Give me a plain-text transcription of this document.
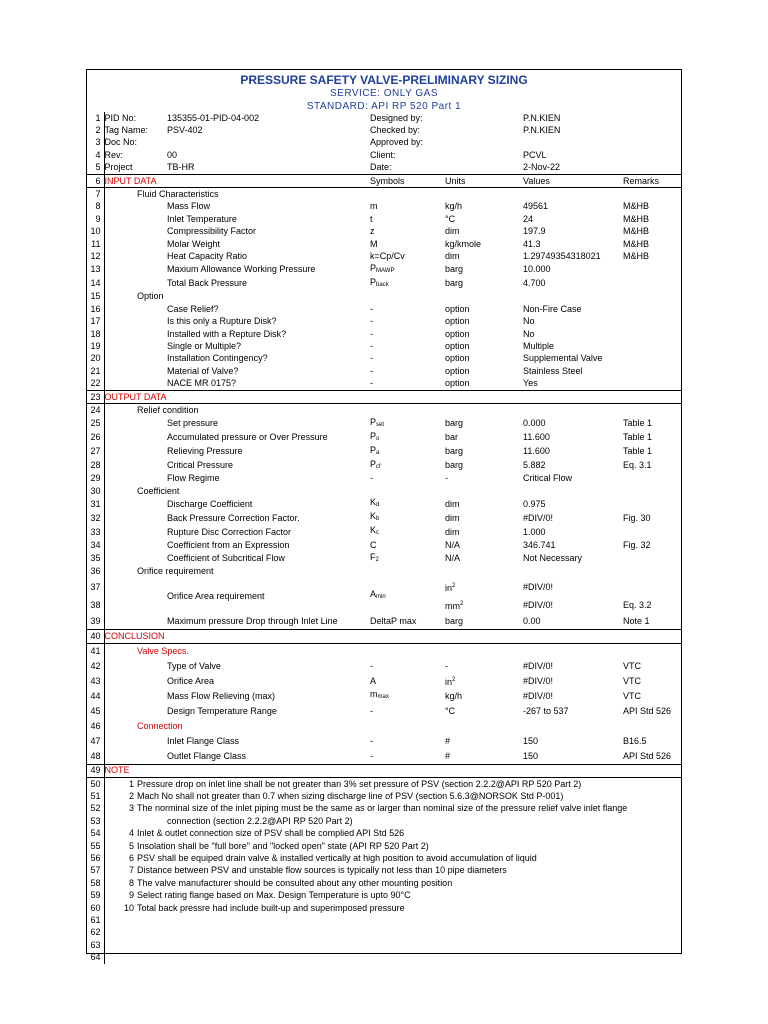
PRESSURE SAFETY VALVE-PRELIMINARY SIZING
SERVICE: ONLY GAS
STANDARD: API RP 520 Part 1
1	PID No:		135355-01-PID-04-002	Designed by:		P.N.KIEN	
2	Tag Name:		PSV-402	Checked by:		P.N.KIEN	
3	Doc No:			Approved by:			
4	Rev:		00	Client:		PCVL	
5	Project		TB-HR	Date:		2-Nov-22	
6	INPUT DATA			Symbols	Units	Values	Remarks
7		Fluid Characteristics					
8			Mass Flow	m	kg/h	49561	M&HB
9			Inlet Temperature	t	°C	24	M&HB
10			Compressibility Factor	z	dim	197.9	M&HB
11			Molar Weight	M	kg/kmole	41.3	M&HB
12			Heat Capacity Ratio	k=Cp/Cv	dim	1.29749354318021	M&HB
13			Maxium Allowance Working Pressure	PMAWP	barg	10.000	
14			Total Back Pressure	Pback	barg	4.700	
15		Option					
16			Case Relief?	-	option	Non-Fire Case	
17			Is this only a Rupture Disk?	-	option	No	
18			Installed with a Repture Disk?	-	option	No	
19			Single or Multiple?	-	option	Multiple	
20			Installation Contingency?	-	option	Supplemental Valve	
21			Material of Valve?	-	option	Stainless Steel	
22			NACE MR 0175?	-	option	Yes	
23	OUTPUT DATA						
24		Relief condition					
25			Set pressure	Pset	barg	0.000	Table 1
26			Accumulated pressure or Over Pressure	Po	bar	11.600	Table 1
27			Relieving Pressure	Pa	barg	11.600	Table 1
28			Critical Pressure	Pcf	barg	5.882	Eq. 3.1
29			Flow Regime	-	-	Critical Flow	
30		Coefficient					
31			Discharge Coefficient	Kd	dim	0.975	
32			Back Pressure Correction Factor.	Kb	dim	#DIV/0!	Fig. 30
33			Rupture Disc Correction Factor	Kc	dim	1.000	
34			Coefficient from an Expression	C	N/A	346.741	Fig. 32
35			Coefficient of Subcritical Flow	F2	N/A	Not Necessary	
36		Orifice requirement					
37			Orifice Area requirement	Amin	$in^2$	#DIV/0!	
38					$mm^2$	#DIV/0!	Eq. 3.2
39			Maximum pressure Drop through Inlet Line	DeltaP max	barg	0.00	Note 1
40	CONCLUSION						
41		Valve Specs.					
42			Type of Valve	-	-	#DIV/0!	VTC
43			Orifice Area	A	$in^2$	#DIV/0!	VTC
44			Mass Flow Relieving (max)	mmax	kg/h	#DIV/0!	VTC
45			Design Temperature Range	-	°C	-267 to 537	API Std 526
46		Connection					
47			Inlet Flange Class	-	#	150	B16.5
48			Outlet Flange Class	-	#	150	API Std 526
49	NOTE						
50	1	Pressure drop on inlet line shall be not greater than 3% set pressure of PSV (section 2.2.2@API RP 520 Part 2)					
51	2	Mach No shall not greater than 0.7 when sizing discharge line of PSV (section 5.6.3@NORSOK Std P-001)					
52	3	The norminal size of the inlet piping must be the same as or larger than nominal size of the pressure relief valve inlet flange					
53			connection (section 2.2.2@API RP 520 Part 2)				
54	4	Inlet & outlet connection size of PSV shall be complied API Std 526					
55	5	Insolation shall be "full bore" and "locked open" state (API RP 520 Part 2)					
56	6	PSV shall be equiped drain valve & installed vertically at high position to avoid accumulation of liquid					
57	7	Distance between PSV and unstable flow sources is typically not less than 10 pipe diameters					
58	8	The valve manufacturer should be consulted about any other mounting position					
59	9	Select rating flange based on Max. Design Temperature is upto 90°C					
60	10	Total back pressre had include built-up and superimposed pressure					
61							
62							
63							
64							
